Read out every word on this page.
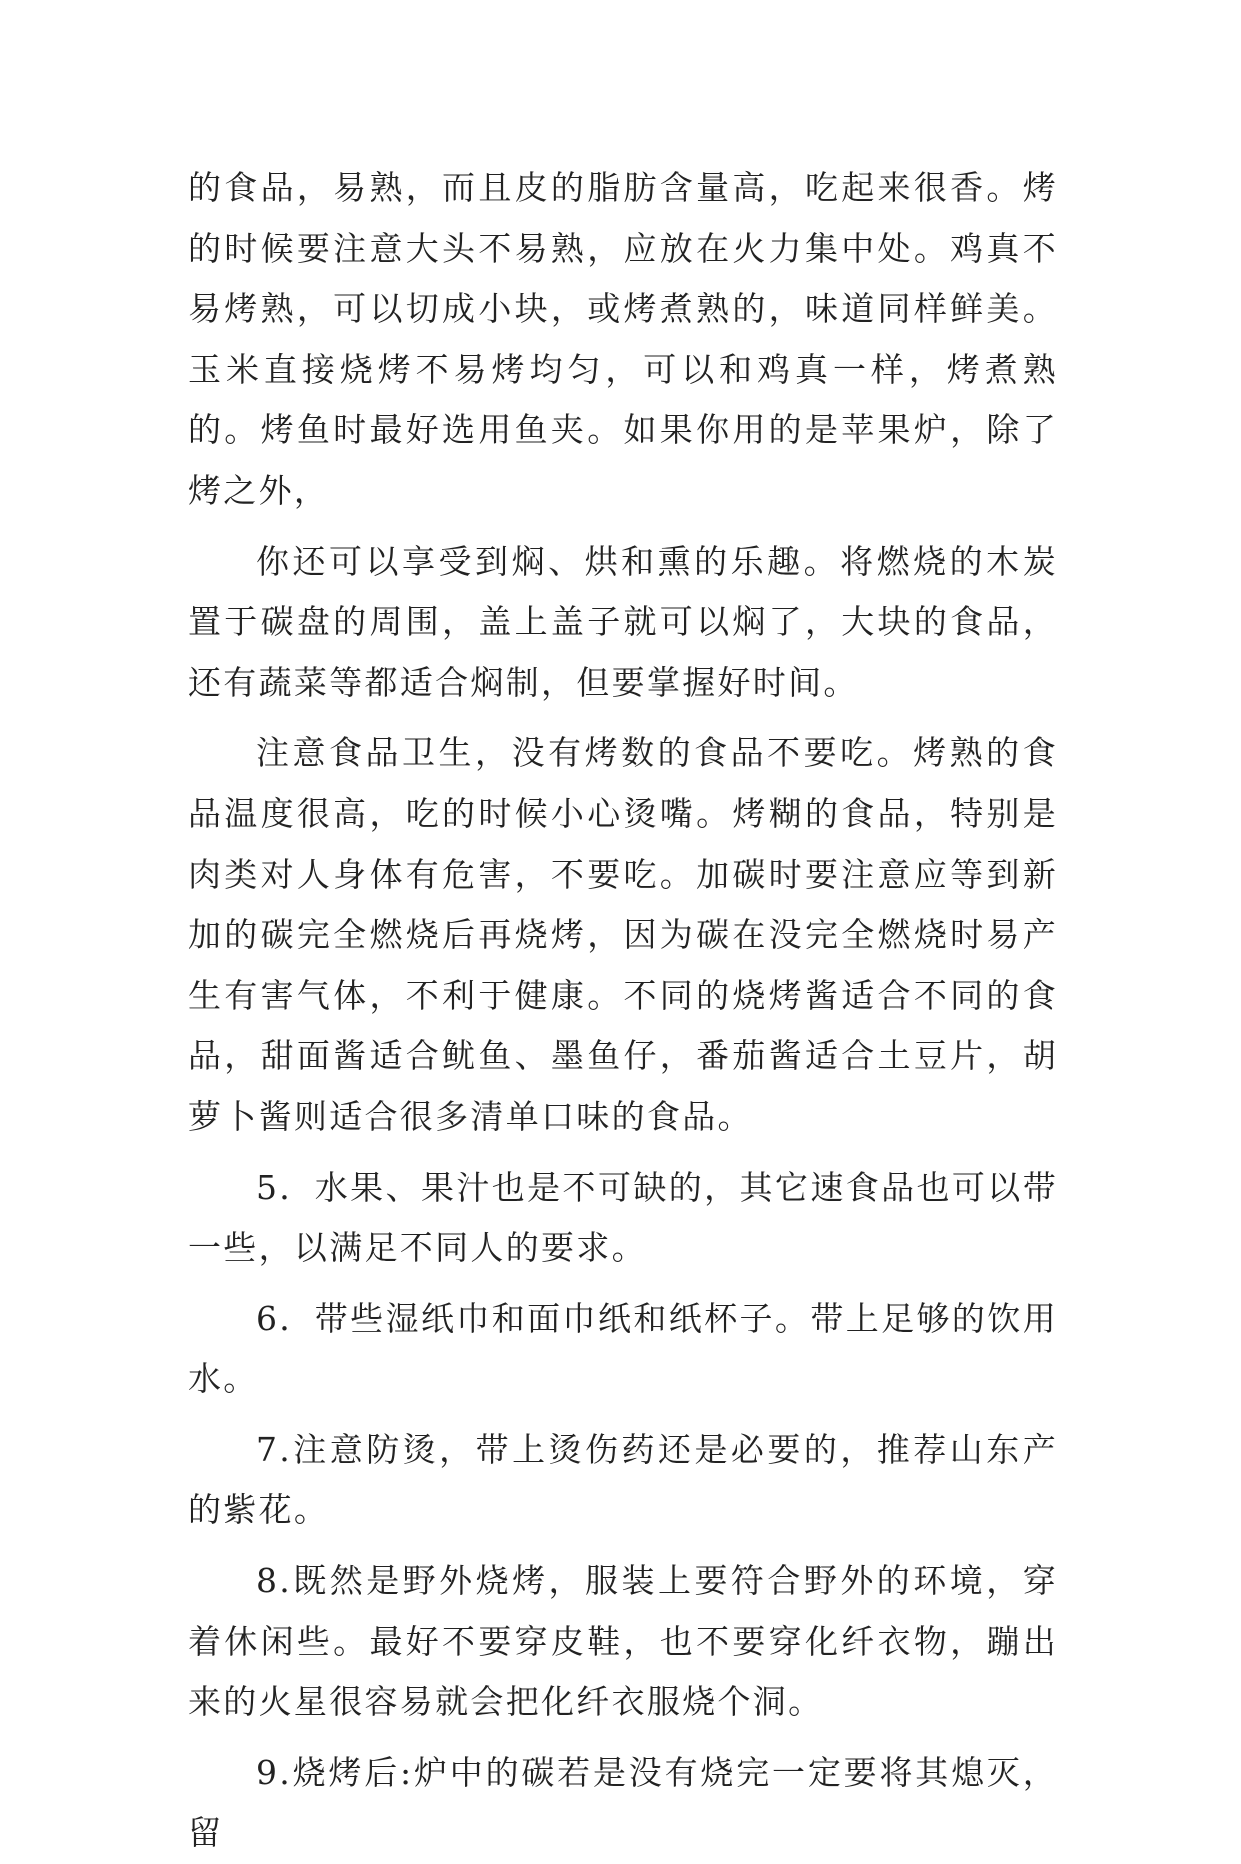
的食品，易熟，而且皮的脂肪含量高，吃起来很香。烤的时候要注意大头不易熟，应放在火力集中处。鸡真不易烤熟，可以切成小块，或烤煮熟的，味道同样鲜美。玉米直接烧烤不易烤均匀，可以和鸡真一样，烤煮熟的。烤鱼时最好选用鱼夹。如果你用的是苹果炉，除了烤之外，

你还可以享受到焖、烘和熏的乐趣。将燃烧的木炭置于碳盘的周围，盖上盖子就可以焖了，大块的食品，还有蔬菜等都适合焖制，但要掌握好时间。

注意食品卫生，没有烤数的食品不要吃。烤熟的食品温度很高，吃的时候小心烫嘴。烤糊的食品，特别是肉类对人身体有危害，不要吃。加碳时要注意应等到新加的碳完全燃烧后再烧烤，因为碳在没完全燃烧时易产生有害气体，不利于健康。不同的烧烤酱适合不同的食品，甜面酱适合鱿鱼、墨鱼仔，番茄酱适合土豆片，胡萝卜酱则适合很多清单口味的食品。

5．水果、果汁也是不可缺的，其它速食品也可以带一些，以满足不同人的要求。

6．带些湿纸巾和面巾纸和纸杯子。带上足够的饮用水。

7.注意防烫，带上烫伤药还是必要的，推荐山东产的紫花。

8.既然是野外烧烤，服装上要符合野外的环境，穿着休闲些。最好不要穿皮鞋，也不要穿化纤衣物，蹦出来的火星很容易就会把化纤衣服烧个洞。

9.烧烤后:炉中的碳若是没有烧完一定要将其熄灭，留
